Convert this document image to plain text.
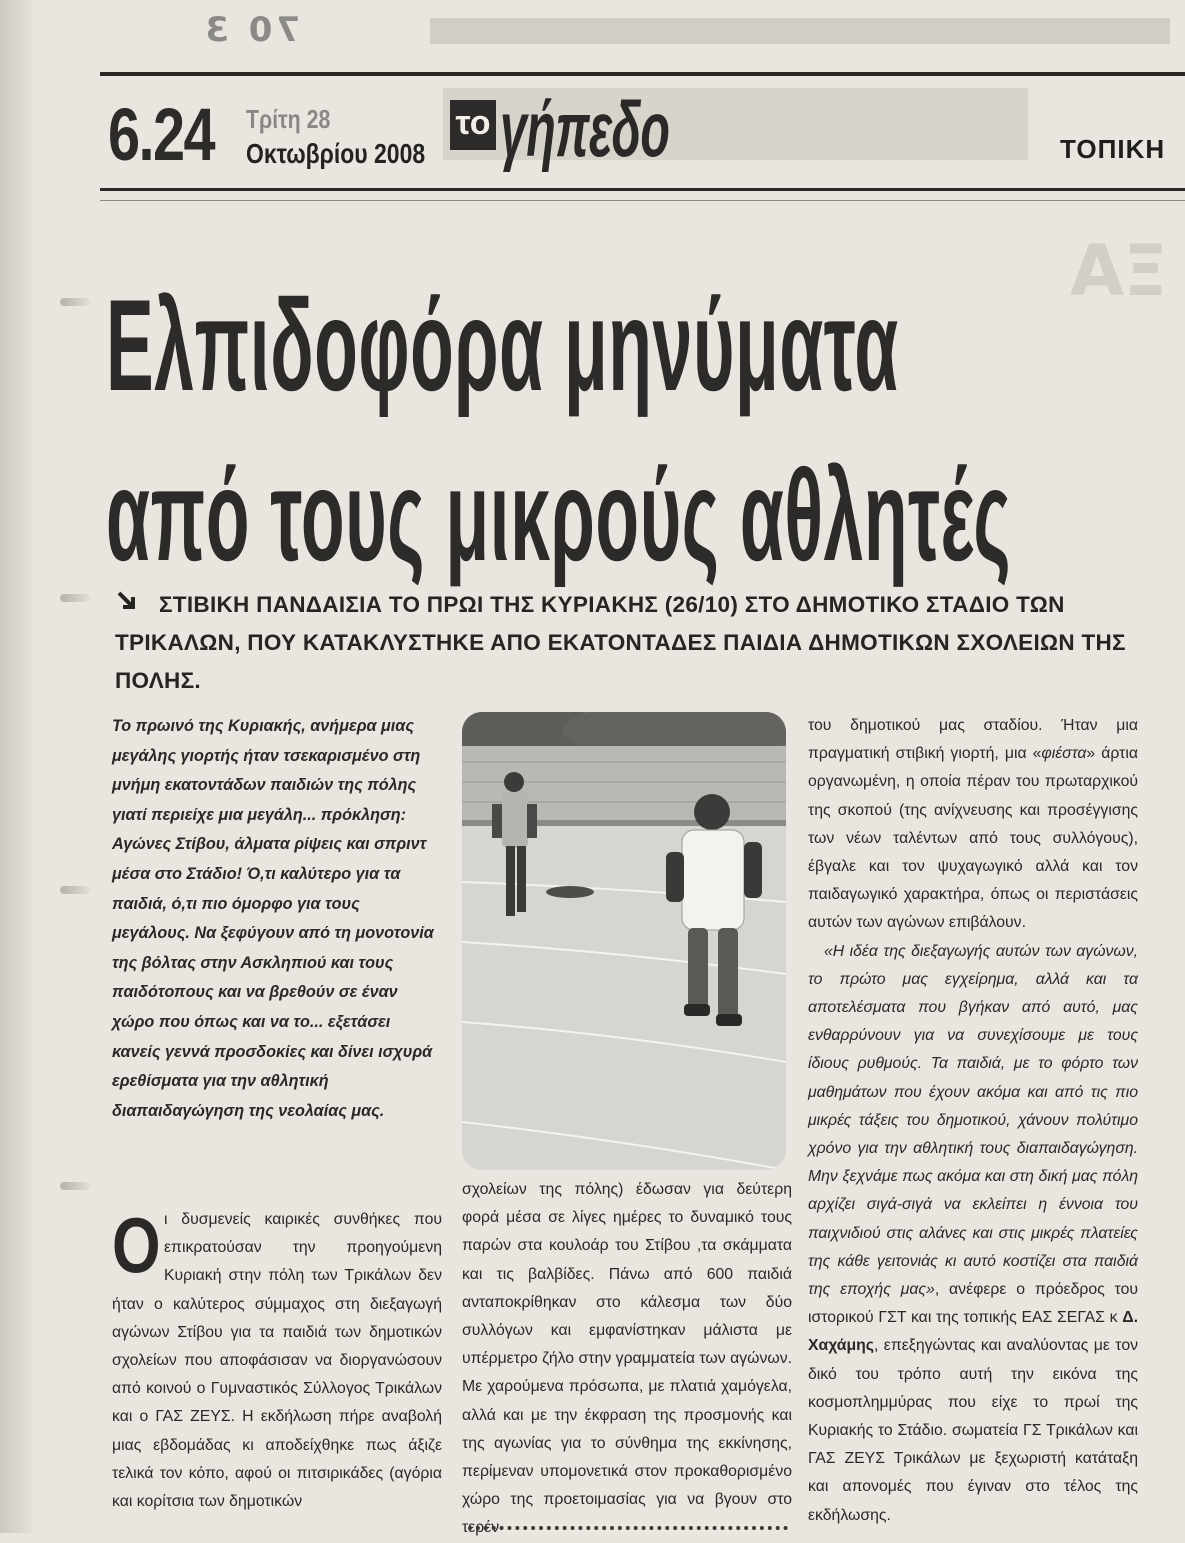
70 3
6.24 Τρίτη 28
Οκτωβρίου 2008
το γήπεδο	ΤΟΠΙΚΗ
ΞΑ
Ελπιδοφόρα μηνύματα
από τους μικρούς αθλητές
ΣΤΙΒΙΚΗ ΠΑΝΔΑΙΣΙΑ ΤΟ ΠΡΩΙ ΤΗΣ ΚΥΡΙΑΚΗΣ (26/10) ΣΤΟ ΔΗΜΟΤΙΚΟ ΣΤΑΔΙΟ ΤΩΝ ΤΡΙΚΑΛΩΝ, ΠΟΥ ΚΑΤΑΚΛΥΣΤΗΚΕ ΑΠΟ ΕΚΑΤΟΝΤΑΔΕΣ ΠΑΙΔΙΑ ΔΗΜΟΤΙΚΩΝ ΣΧΟΛΕΙΩΝ ΤΗΣ ΠΟΛΗΣ.

Το πρωινό της Κυριακής, ανήμερα μιας μεγάλης γιορτής ήταν τσεκαρισμένο στη μνήμη εκατοντάδων παιδιών της πόλης γιατί περιείχε μια μεγάλη... πρόκληση: Αγώνες Στίβου, άλματα ρίψεις και σπριντ μέσα στο Στάδιο! Ό,τι καλύτερο για τα παιδιά, ό,τι πιο όμορφο για τους μεγάλους. Να ξεφύγουν από τη μονοτονία της βόλτας στην Ασκληπιού και τους παιδότοπους και να βρεθούν σε έναν χώρο που όπως και να το... εξετάσει κανείς γεννά προσδοκίες και δίνει ισχυρά ερεθίσματα για την αθλητική διαπαιδαγώγηση της νεολαίας μας.

του δημοτικού μας σταδίου. Ήταν μια πραγματική στιβική γιορτή, μια «φιέστα» άρτια οργανωμένη, η οποία πέραν του πρωταρχικού της σκοπού (της ανίχνευσης και προσέγγισης των νέων ταλέντων από τους συλλόγους), έβγαλε και τον ψυχαγωγικό αλλά και τον παιδαγωγικό χαρακτήρα, όπως οι περιστάσεις αυτών των αγώνων επιβάλουν.

«Η ιδέα της διεξαγωγής αυτών των αγώνων, το πρώτο μας εγχείρημα, αλλά και τα αποτελέσματα που βγήκαν από αυτό, μας ενθαρρύνουν για να συνεχίσουμε με τους ίδιους ρυθμούς. Τα παιδιά, με το φόρτο των μαθημάτων που έχουν ακόμα και από τις πιο μικρές τάξεις του δημοτικού, χάνουν πολύτιμο χρόνο για την αθλητική τους διαπαιδαγώγηση. Μην ξεχνάμε πως ακόμα και στη δική μας πόλη αρχίζει σιγά-σιγά να εκλείπει η έννοια του παιχνιδιού στις αλάνες και στις μικρές πλατείες της κάθε γειτονιάς κι αυτό κοστίζει στα παιδιά της εποχής μας», ανέφερε ο πρόεδρος του ιστορικού ΓΣΤ και της τοπικής ΕΑΣ ΣΕΓΑΣ κ Δ. Χαχάμης, επεξηγώντας και αναλύοντας με τον δικό του τρόπο αυτή την εικόνα της κοσμοπλημμύρας που είχε το πρωί της Κυριακής το Στάδιο. σωματεία ΓΣ Τρικάλων και ΓΑΣ ΖΕΥΣ Τρικάλων με ξεχωριστή κατάταξη και απονομές που έγιναν στο τέλος της εκδήλωσης.

σχολείων της πόλης) έδωσαν για δεύτερη φορά μέσα σε λίγες ημέρες το δυναμικό τους παρών στα κουλοάρ του Στίβου ,τα σκάμματα και τις βαλβίδες. Πάνω από 600 παιδιά ανταποκρίθηκαν στο κάλεσμα των δύο συλλόγων και εμφανίστηκαν μάλιστα με υπέρμετρο ζήλο στην γραμματεία των αγώνων. Με χαρούμενα πρόσωπα, με πλατιά χαμόγελα, αλλά και με την έκφραση της προσμονής και της αγωνίας για το σύνθημα της εκκίνησης, περίμεναν υπομονετικά στον προκαθορισμένο χώρο της προετοιμασίας για να βγουν στο τερέν

Ο ι δυσμενείς καιρικές συνθήκες που επικρατούσαν την προηγούμενη Κυριακή στην πόλη των Τρικάλων δεν ήταν ο καλύτερος σύμμαχος στη διεξαγωγή αγώνων Στίβου για τα παιδιά των δημοτικών σχολείων που αποφάσισαν να διοργανώσουν από κοινού ο Γυμναστικός Σύλλογος Τρικάλων και ο ΓΑΣ ΖΕΥΣ. Η εκδήλωση πήρε αναβολή μιας εβδομάδας κι αποδείχθηκε πως άξιζε τελικά τον κόπο, αφού οι πιτσιρικάδες (αγόρια και κορίτσια των δημοτικών
